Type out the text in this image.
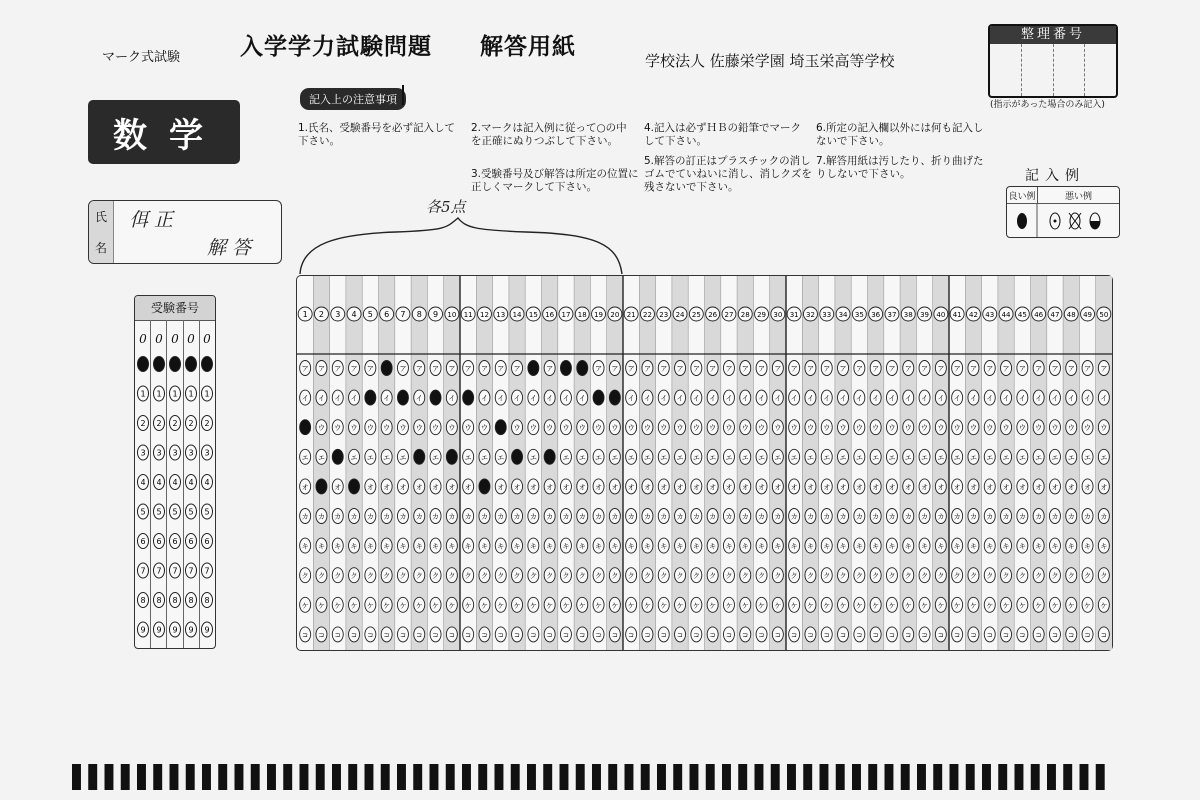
マーク式試験	入学学力試験問題　　解答用紙
学校法人 佐藤栄学園 埼玉栄高等学校
整理番号
(指示があった場合のみ記入)
数学
記入上の注意事項
1.氏名、受験番号を必ず記入して下さい。
2.マークは記入例に従って○の中を正確にぬりつぶして下さい。
3.受験番号及び解答は所定の位置に正しくマークして下さい。
4.記入は必ずＨＢの鉛筆でマークして下さい。
5.解答の訂正はプラスチックの消しゴムでていねいに消し、消しクズを残さないで下さい。
6.所定の記入欄以外には何も記入しないで下さい。
7.解答用紙は汚したり、折り曲げたりしないで下さい。
氏
名
佴 正
解 答
各5点
記入例
良い例	悪い例
受験番号
0 0 0 0 0
1 1 1 1 1
2 2 2 2 2
3 3 3 3 3
4 4 4 4 4
5 5 5 5 5
6 6 6 6 6
7 7 7 7 7
8 8 8 8 8
9 9 9 9 9
1
ア
イ
エ
オ
カ
キ
ク
ケ
コ
2
ア
イ
ウ
エ
カ
キ
ク
ケ
コ
3
ア
イ
ウ
オ
カ
キ
ク
ケ
コ
4
ア
イ
ウ
エ
カ
キ
ク
ケ
コ
5
ア
ウ
エ
オ
カ
キ
ク
ケ
コ
6
イ
ウ
エ
オ
カ
キ
ク
ケ
コ
7
ア
ウ
エ
オ
カ
キ
ク
ケ
コ
8
ア
イ
ウ
オ
カ
キ
ク
ケ
コ
9
ア
ウ
エ
オ
カ
キ
ク
ケ
コ
10
ア
イ
ウ
オ
カ
キ
ク
ケ
コ
11
ア
ウ
エ
オ
カ
キ
ク
ケ
コ
12
ア
イ
ウ
エ
カ
キ
ク
ケ
コ
13
ア
イ
エ
オ
カ
キ
ク
ケ
コ
14
ア
イ
ウ
オ
カ
キ
ク
ケ
コ
15
イ
ウ
エ
オ
カ
キ
ク
ケ
コ
16
ア
イ
ウ
オ
カ
キ
ク
ケ
コ
17
イ
ウ
エ
オ
カ
キ
ク
ケ
コ
18
イ
ウ
エ
オ
カ
キ
ク
ケ
コ
19
ア
ウ
エ
オ
カ
キ
ク
ケ
コ
20
ア
ウ
エ
オ
カ
キ
ク
ケ
コ
21
ア
イ
ウ
エ
オ
カ
キ
ク
ケ
コ
22
ア
イ
ウ
エ
オ
カ
キ
ク
ケ
コ
23
ア
イ
ウ
エ
オ
カ
キ
ク
ケ
コ
24
ア
イ
ウ
エ
オ
カ
キ
ク
ケ
コ
25
ア
イ
ウ
エ
オ
カ
キ
ク
ケ
コ
26
ア
イ
ウ
エ
オ
カ
キ
ク
ケ
コ
27
ア
イ
ウ
エ
オ
カ
キ
ク
ケ
コ
28
ア
イ
ウ
エ
オ
カ
キ
ク
ケ
コ
29
ア
イ
ウ
エ
オ
カ
キ
ク
ケ
コ
30
ア
イ
ウ
エ
オ
カ
キ
ク
ケ
コ
31
ア
イ
ウ
エ
オ
カ
キ
ク
ケ
コ
32
ア
イ
ウ
エ
オ
カ
キ
ク
ケ
コ
33
ア
イ
ウ
エ
オ
カ
キ
ク
ケ
コ
34
ア
イ
ウ
エ
オ
カ
キ
ク
ケ
コ
35
ア
イ
ウ
エ
オ
カ
キ
ク
ケ
コ
36
ア
イ
ウ
エ
オ
カ
キ
ク
ケ
コ
37
ア
イ
ウ
エ
オ
カ
キ
ク
ケ
コ
38
ア
イ
ウ
エ
オ
カ
キ
ク
ケ
コ
39
ア
イ
ウ
エ
オ
カ
キ
ク
ケ
コ
40
ア
イ
ウ
エ
オ
カ
キ
ク
ケ
コ
41
ア
イ
ウ
エ
オ
カ
キ
ク
ケ
コ
42
ア
イ
ウ
エ
オ
カ
キ
ク
ケ
コ
43
ア
イ
ウ
エ
オ
カ
キ
ク
ケ
コ
44
ア
イ
ウ
エ
オ
カ
キ
ク
ケ
コ
45
ア
イ
ウ
エ
オ
カ
キ
ク
ケ
コ
46
ア
イ
ウ
エ
オ
カ
キ
ク
ケ
コ
47
ア
イ
ウ
エ
オ
カ
キ
ク
ケ
コ
48
ア
イ
ウ
エ
オ
カ
キ
ク
ケ
コ
49
ア
イ
ウ
エ
オ
カ
キ
ク
ケ
コ
50
ア
イ
ウ
エ
オ
カ
キ
ク
ケ
コ
